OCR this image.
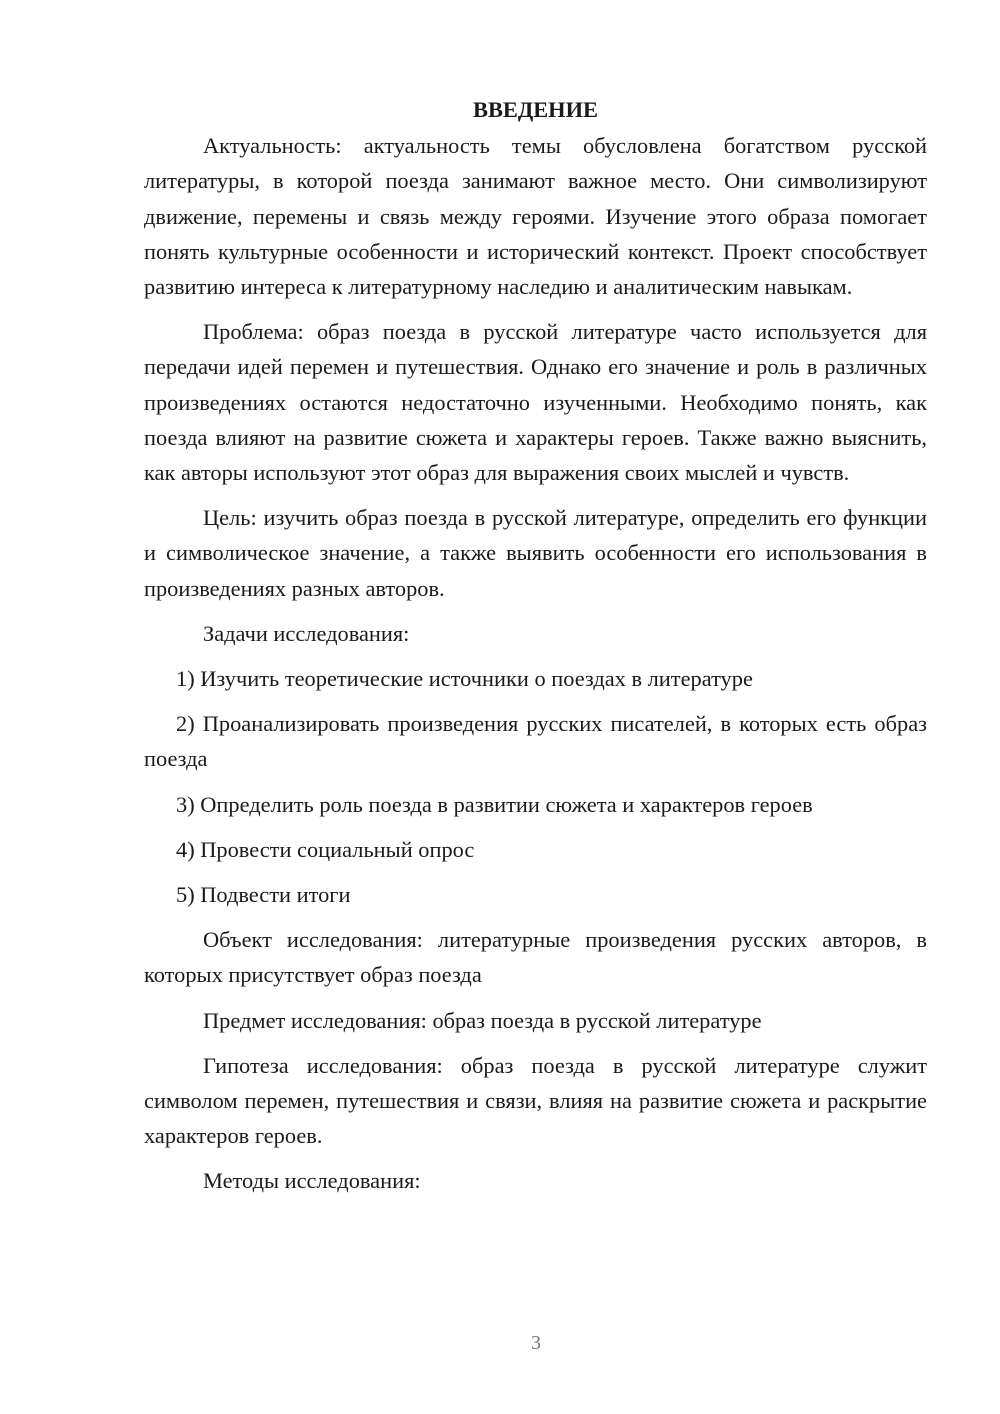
ВВЕДЕНИЕ

Актуальность: актуальность темы обусловлена богатством русской литературы, в которой поезда занимают важное место. Они символизируют движение, перемены и связь между героями. Изучение этого образа помогает понять культурные особенности и исторический контекст. Проект способствует развитию интереса к литературному наследию и аналитическим навыкам.

Проблема: образ поезда в русской литературе часто используется для передачи идей перемен и путешествия. Однако его значение и роль в различных произведениях остаются недостаточно изученными. Необходимо понять, как поезда влияют на развитие сюжета и характеры героев. Также важно выяснить, как авторы используют этот образ для выражения своих мыслей и чувств.

Цель: изучить образ поезда в русской литературе, определить его функции и символическое значение, а также выявить особенности его использования в произведениях разных авторов.

Задачи исследования:

1) Изучить теоретические источники о поездах в литературе

2) Проанализировать произведения русских писателей, в которых есть образ поезда

3) Определить роль поезда в развитии сюжета и характеров героев

4) Провести социальный опрос

5) Подвести итоги

Объект исследования: литературные произведения русских авторов, в которых присутствует образ поезда

Предмет исследования: образ поезда в русской литературе

Гипотеза исследования: образ поезда в русской литературе служит символом перемен, путешествия и связи, влияя на развитие сюжета и раскрытие характеров героев.

Методы исследования:

3
